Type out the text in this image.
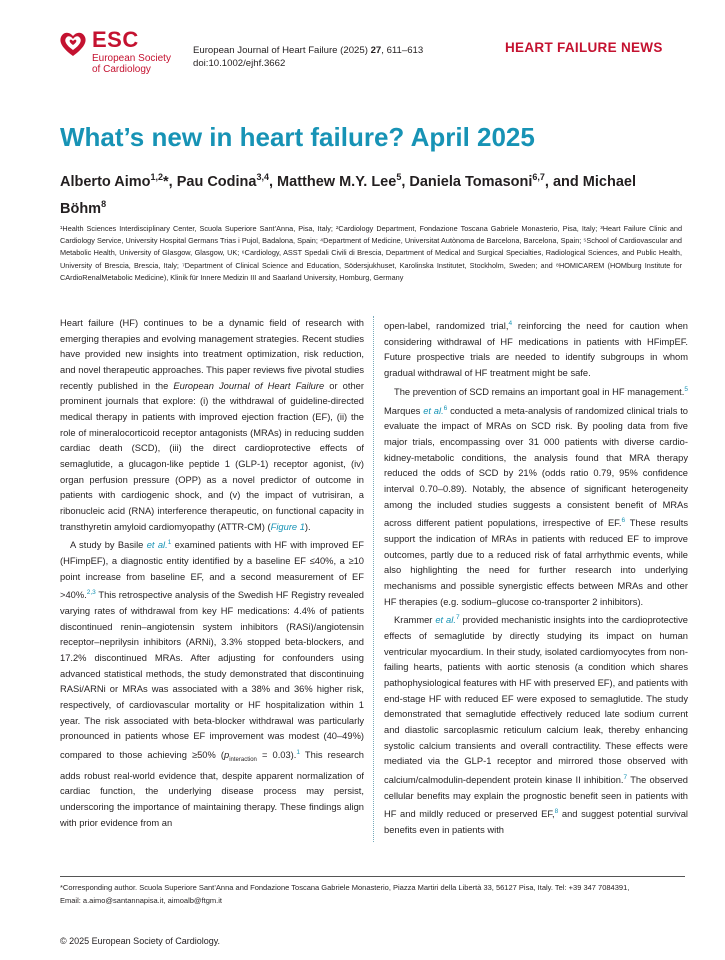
ESC
European Society
of Cardiology
European Journal of Heart Failure (2025) 27, 611–613
doi:10.1002/ejhf.3662
HEART FAILURE NEWS
What’s new in heart failure? April 2025
Alberto Aimo$^{1,2}$*, Pau Codina$^{3,4}$, Matthew M.Y. Lee$^5$, Daniela Tomasoni$^{6,7}$, and Michael Böhm$^8$

¹Health Sciences Interdisciplinary Center, Scuola Superiore Sant’Anna, Pisa, Italy; ²Cardiology Department, Fondazione Toscana Gabriele Monasterio, Pisa, Italy; ³Heart Failure Clinic and Cardiology Service, University Hospital Germans Trias i Pujol, Badalona, Spain; ⁴Department of Medicine, Universitat Autònoma de Barcelona, Barcelona, Spain; ⁵School of Cardiovascular and Metabolic Health, University of Glasgow, Glasgow, UK; ⁶Cardiology, ASST Spedali Civili di Brescia, Department of Medical and Surgical Specialties, Radiological Sciences, and Public Health, University of Brescia, Brescia, Italy; ⁷Department of Clinical Science and Education, Södersjukhuset, Karolinska Institutet, Stockholm, Sweden; and ⁸HOMICAREM (HOMburg Institute for CArdioRenalMetabolic Medicine), Klinik für Innere Medizin III and Saarland University, Homburg, Germany

Heart failure (HF) continues to be a dynamic field of research with emerging therapies and evolving management strategies. Recent studies have provided new insights into treatment optimization, risk reduction, and novel therapeutic approaches. This paper reviews five pivotal studies recently published in the European Journal of Heart Failure or other prominent journals that explore: (i) the withdrawal of guideline-directed medical therapy in patients with improved ejection fraction (EF), (ii) the role of mineralocorticoid receptor antagonists (MRAs) in reducing sudden cardiac death (SCD), (iii) the direct cardioprotective effects of semaglutide, a glucagon-like peptide 1 (GLP-1) receptor agonist, (iv) organ perfusion pressure (OPP) as a novel predictor of outcome in patients with cardiogenic shock, and (v) the impact of vutrisiran, a ribonucleic acid (RNA) interference therapeutic, on functional capacity in transthyretin amyloid cardiomyopathy (ATTR-CM) (Figure 1).

A study by Basile et al.$^1$ examined patients with HF with improved EF (HFimpEF), a diagnostic entity identified by a baseline EF ≤40%, a ≥10 point increase from baseline EF, and a second measurement of EF >40%.$^{2,3}$ This retrospective analysis of the Swedish HF Registry revealed varying rates of withdrawal from key HF medications: 4.4% of patients discontinued renin–angiotensin system inhibitors (RASi)/angiotensin receptor–neprilysin inhibitors (ARNi), 3.3% stopped beta-blockers, and 17.2% discontinued MRAs. After adjusting for confounders using advanced statistical methods, the study demonstrated that discontinuing RASi/ARNi or MRAs was associated with a 38% and 36% higher risk, respectively, of cardiovascular mortality or HF hospitalization within 1 year. The risk associated with beta-blocker withdrawal was particularly pronounced in patients whose EF improvement was modest (40–49%) compared to those achieving ≥50% $(p_{interaction} = 0.03).^1$ This research adds robust real-world evidence that, despite apparent normalization of cardiac function, the underlying disease process may persist, underscoring the importance of maintaining therapy. These findings align with prior evidence from an

open-label, randomized trial,$^4$ reinforcing the need for caution when considering withdrawal of HF medications in patients with HFimpEF. Future prospective trials are needed to identify subgroups in whom gradual withdrawal of HF treatment might be safe.

The prevention of SCD remains an important goal in HF management.$^5$ Marques et al.$^6$ conducted a meta-analysis of randomized clinical trials to evaluate the impact of MRAs on SCD risk. By pooling data from five major trials, encompassing over 31 000 patients with diverse cardio-kidney-metabolic conditions, the analysis found that MRA therapy reduced the odds of SCD by 21% (odds ratio 0.79, 95% confidence interval 0.70–0.89). Notably, the absence of significant heterogeneity among the included studies suggests a consistent benefit of MRAs across different patient populations, irrespective of EF.$^6$ These results support the indication of MRAs in patients with reduced EF to improve outcomes, partly due to a reduced risk of fatal arrhythmic events, while also highlighting the need for further research into underlying mechanisms and possible synergistic effects between MRAs and other HF therapies (e.g. sodium–glucose co-transporter 2 inhibitors).

Krammer et al.$^7$ provided mechanistic insights into the cardioprotective effects of semaglutide by directly studying its impact on human ventricular myocardium. In their study, isolated cardiomyocytes from non-failing hearts, patients with aortic stenosis (a condition which shares pathophysiological features with HF with preserved EF), and patients with end-stage HF with reduced EF were exposed to semaglutide. The study demonstrated that semaglutide effectively reduced late sodium current and diastolic sarcoplasmic reticulum calcium leak, thereby enhancing systolic calcium transients and overall contractility. These effects were mediated via the GLP-1 receptor and mirrored those observed with calcium/calmodulin-dependent protein kinase II inhibition.$^7$ The observed cellular benefits may explain the prognostic benefit seen in patients with HF and mildly reduced or preserved EF,$^8$ and suggest potential survival benefits even in patients with

*Corresponding author. Scuola Superiore Sant’Anna and Fondazione Toscana Gabriele Monasterio, Piazza Martiri della Libertà 33, 56127 Pisa, Italy. Tel: +39 347 7084391,

Email: a.aimo@santannapisa.it, aimoalb@ftgm.it

© 2025 European Society of Cardiology.
